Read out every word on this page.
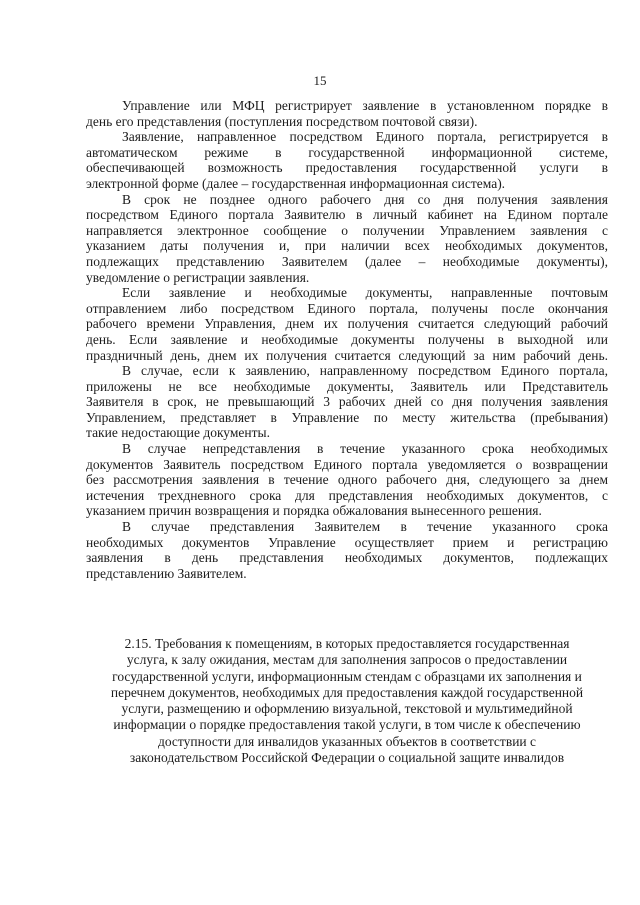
15

Управление или МФЦ регистрирует заявление в установленном порядке в
день его представления (поступления посредством почтовой связи).

Заявление, направленное посредством Единого портала, регистрируется в
автоматическом режиме в государственной информационной системе,
обеспечивающей возможность предоставления государственной услуги в
электронной форме (далее – государственная информационная система).

В срок не позднее одного рабочего дня со дня получения заявления
посредством Единого портала Заявителю в личный кабинет на Едином портале
направляется электронное сообщение о получении Управлением заявления с
указанием даты получения и, при наличии всех необходимых документов,
подлежащих представлению Заявителем (далее – необходимые документы),
уведомление о регистрации заявления.

Если заявление и необходимые документы, направленные почтовым
отправлением либо посредством Единого портала, получены после окончания
рабочего времени Управления, днем их получения считается следующий рабочий
день. Если заявление и необходимые документы получены в выходной или
праздничный день, днем их получения считается следующий за ним рабочий день.

В случае, если к заявлению, направленному посредством Единого портала,
приложены не все необходимые документы, Заявитель или Представитель
Заявителя в срок, не превышающий 3 рабочих дней со дня получения заявления
Управлением, представляет в Управление по месту жительства (пребывания)
такие недостающие документы.

В случае непредставления в течение указанного срока необходимых
документов Заявитель посредством Единого портала уведомляется о возвращении
без рассмотрения заявления в течение одного рабочего дня, следующего за днем
истечения трехдневного срока для представления необходимых документов, с
указанием причин возвращения и порядка обжалования вынесенного решения.

В случае представления Заявителем в течение указанного срока
необходимых документов Управление осуществляет прием и регистрацию
заявления в день представления необходимых документов, подлежащих
представлению Заявителем.

2.15. Требования к помещениям, в которых предоставляется государственная
услуга, к залу ожидания, местам для заполнения запросов о предоставлении
государственной услуги, информационным стендам с образцами их заполнения и
перечнем документов, необходимых для предоставления каждой государственной
услуги, размещению и оформлению визуальной, текстовой и мультимедийной
информации о порядке предоставления такой услуги, в том числе к обеспечению
доступности для инвалидов указанных объектов в соответствии с
законодательством Российской Федерации о социальной защите инвалидов
